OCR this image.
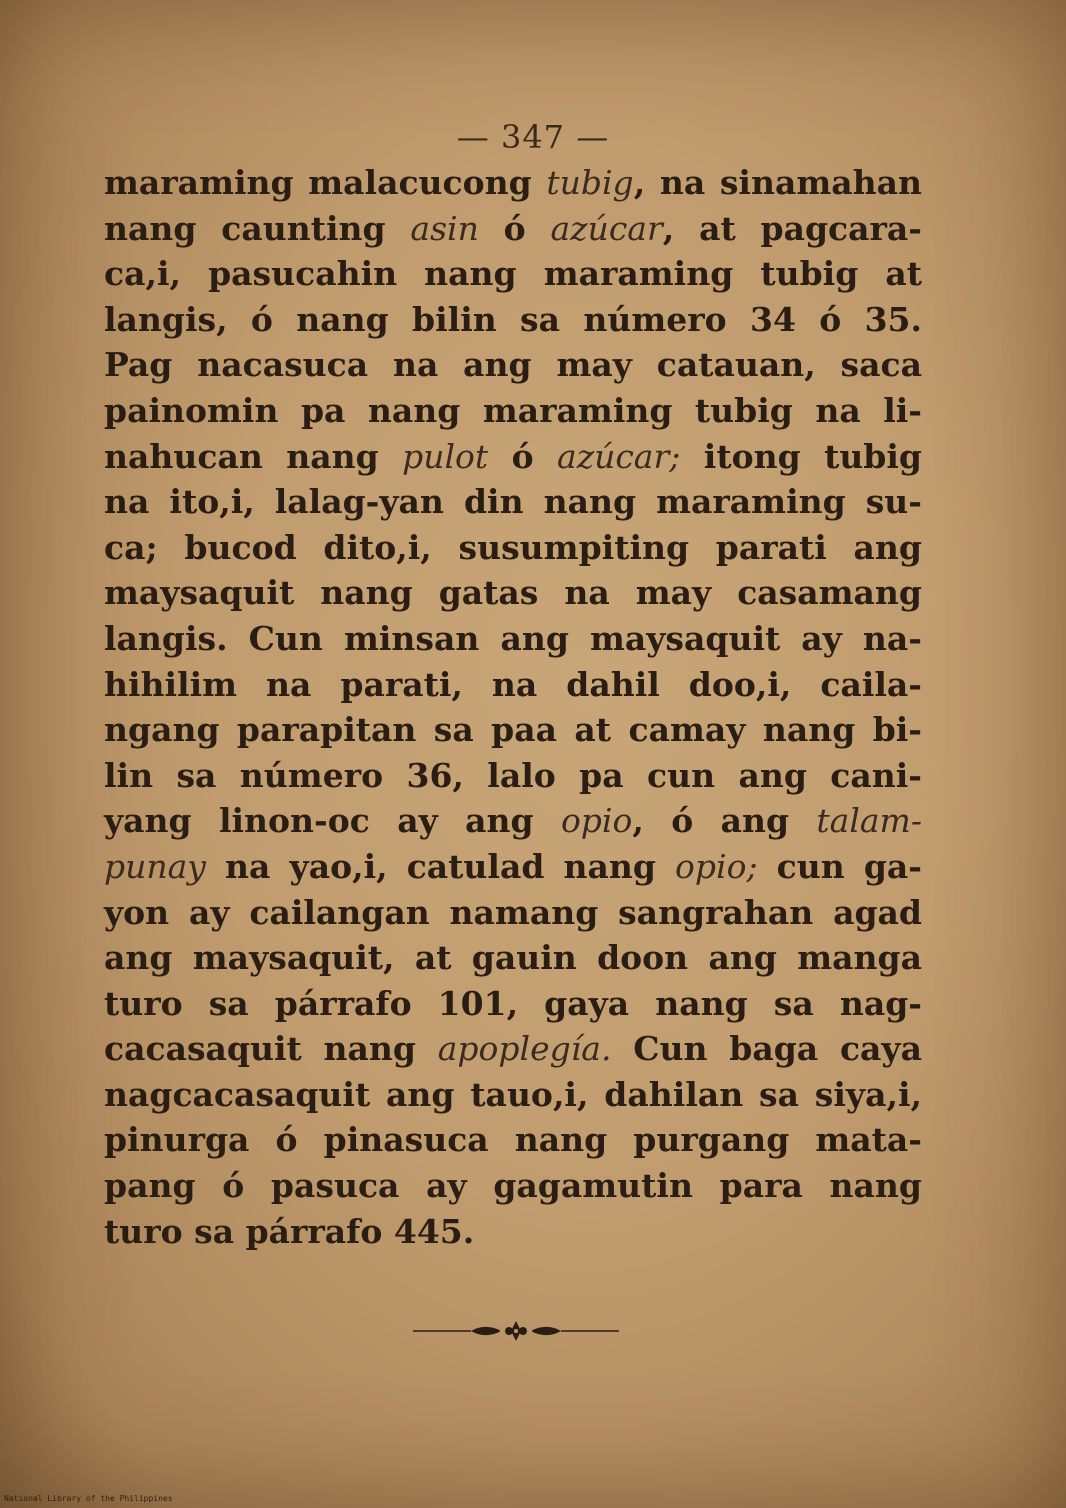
— 347 —
maraming malacucong tubig, na sinamahan
nang caunting asin ó azúcar, at pagcara-
ca,i, pasucahin nang maraming tubig at
langis, ó nang bilin sa número 34 ó 35.
Pag nacasuca na ang may catauan, saca
painomin pa nang maraming tubig na li-
nahucan nang pulot ó azúcar; itong tubig
na ito,i, lalag-yan din nang maraming su-
ca; bucod dito,i, susumpiting parati ang
maysaquit nang gatas na may casamang
langis. Cun minsan ang maysaquit ay na-
hihilim na parati, na dahil doo,i, caila-
ngang parapitan sa paa at camay nang bi-
lin sa número 36, lalo pa cun ang cani-
yang linon-oc ay ang opio, ó ang talam-
punay na yao,i, catulad nang opio; cun ga-
yon ay cailangan namang sangrahan agad
ang maysaquit, at gauin doon ang manga
turo sa párrafo 101, gaya nang sa nag-
cacasaquit nang apoplegía. Cun baga caya
nagcacasaquit ang tauo,i, dahilan sa siya,i,
pinurga ó pinasuca nang purgang mata-
pang ó pasuca ay gagamutin para nang
turo sa párrafo 445.
National Library of the Philippines
